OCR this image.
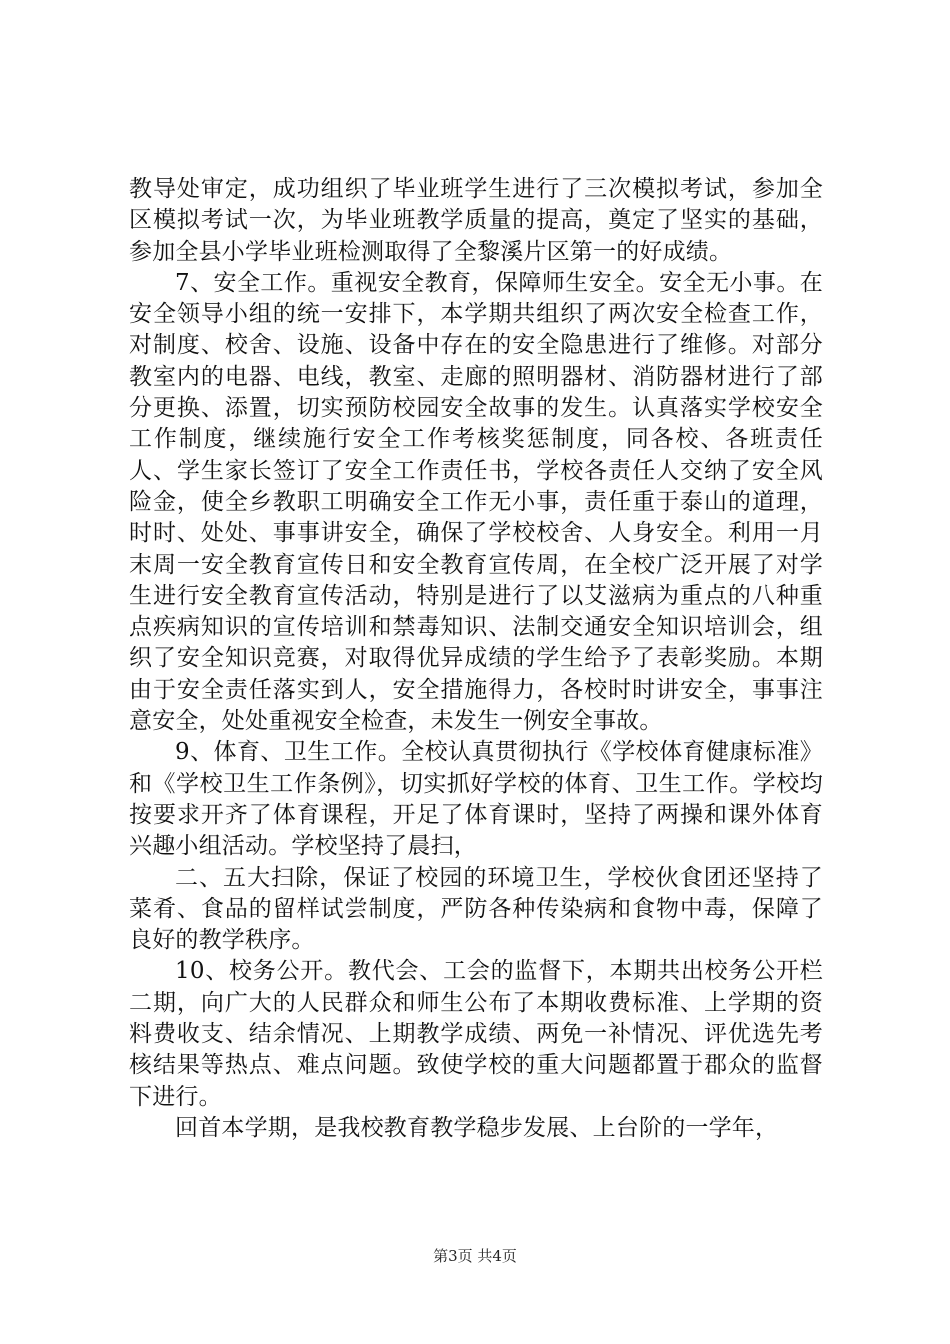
教导处审定，成功组织了毕业班学生进行了三次模拟考试，参加全区模拟考试一次，为毕业班教学质量的提高，奠定了坚实的基础，参加全县小学毕业班检测取得了全黎溪片区第一的好成绩。

7、安全工作。重视安全教育，保障师生安全。安全无小事。在安全领导小组的统一安排下，本学期共组织了两次安全检查工作，对制度、校舍、设施、设备中存在的安全隐患进行了维修。对部分教室内的电器、电线，教室、走廊的照明器材、消防器材进行了部分更换、添置，切实预防校园安全故事的发生。认真落实学校安全工作制度，继续施行安全工作考核奖惩制度，同各校、各班责任人、学生家长签订了安全工作责任书，学校各责任人交纳了安全风险金，使全乡教职工明确安全工作无小事，责任重于泰山的道理，时时、处处、事事讲安全，确保了学校校舍、人身安全。利用一月末周一安全教育宣传日和安全教育宣传周，在全校广泛开展了对学生进行安全教育宣传活动，特别是进行了以艾滋病为重点的八种重点疾病知识的宣传培训和禁毒知识、法制交通安全知识培训会，组织了安全知识竞赛，对取得优异成绩的学生给予了表彰奖励。本期由于安全责任落实到人，安全措施得力，各校时时讲安全，事事注意安全，处处重视安全检查，未发生一例安全事故。

9、体育、卫生工作。全校认真贯彻执行《学校体育健康标准》和《学校卫生工作条例》，切实抓好学校的体育、卫生工作。学校均按要求开齐了体育课程，开足了体育课时，坚持了两操和课外体育兴趣小组活动。学校坚持了晨扫，

二、五大扫除，保证了校园的环境卫生，学校伙食团还坚持了菜肴、食品的留样试尝制度，严防各种传染病和食物中毒，保障了良好的教学秩序。

10、校务公开。教代会、工会的监督下，本期共出校务公开栏二期，向广大的人民群众和师生公布了本期收费标准、上学期的资料费收支、结余情况、上期教学成绩、两免一补情况、评优选先考核结果等热点、难点问题。致使学校的重大问题都置于郡众的监督下进行。

回首本学期，是我校教育教学稳步发展、上台阶的一学年，

第3页 共4页
